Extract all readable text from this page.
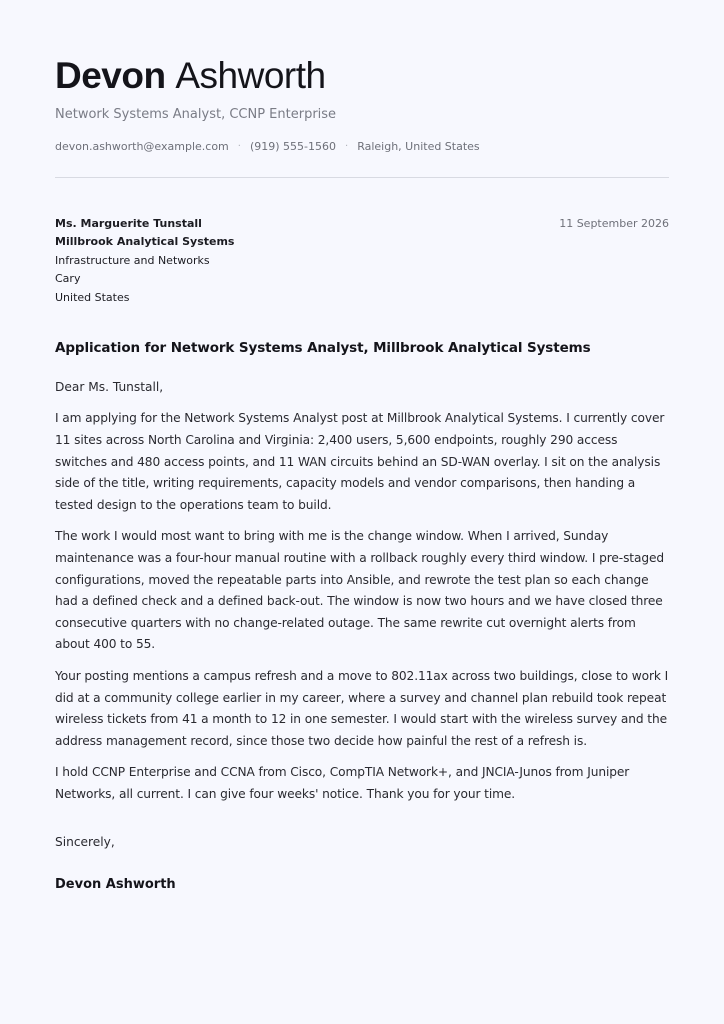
Devon Ashworth
Network Systems Analyst, CCNP Enterprise
devon.ashworth@example.com · (919) 555-1560 · Raleigh, United States
Ms. Marguerite Tunstall
Millbrook Analytical Systems
Infrastructure and Networks
Cary
United States
11 September 2026
Application for Network Systems Analyst, Millbrook Analytical Systems
Dear Ms. Tunstall,
I am applying for the Network Systems Analyst post at Millbrook Analytical Systems. I currently cover 11 sites across North Carolina and Virginia: 2,400 users, 5,600 endpoints, roughly 290 access switches and 480 access points, and 11 WAN circuits behind an SD-WAN overlay. I sit on the analysis side of the title, writing requirements, capacity models and vendor comparisons, then handing a tested design to the operations team to build.
The work I would most want to bring with me is the change window. When I arrived, Sunday maintenance was a four-hour manual routine with a rollback roughly every third window. I pre-staged configurations, moved the repeatable parts into Ansible, and rewrote the test plan so each change had a defined check and a defined back-out. The window is now two hours and we have closed three consecutive quarters with no change-related outage. The same rewrite cut overnight alerts from about 400 to 55.
Your posting mentions a campus refresh and a move to 802.11ax across two buildings, close to work I did at a community college earlier in my career, where a survey and channel plan rebuild took repeat wireless tickets from 41 a month to 12 in one semester. I would start with the wireless survey and the address management record, since those two decide how painful the rest of a refresh is.
I hold CCNP Enterprise and CCNA from Cisco, CompTIA Network+, and JNCIA-Junos from Juniper Networks, all current. I can give four weeks' notice. Thank you for your time.
Sincerely,
Devon Ashworth
